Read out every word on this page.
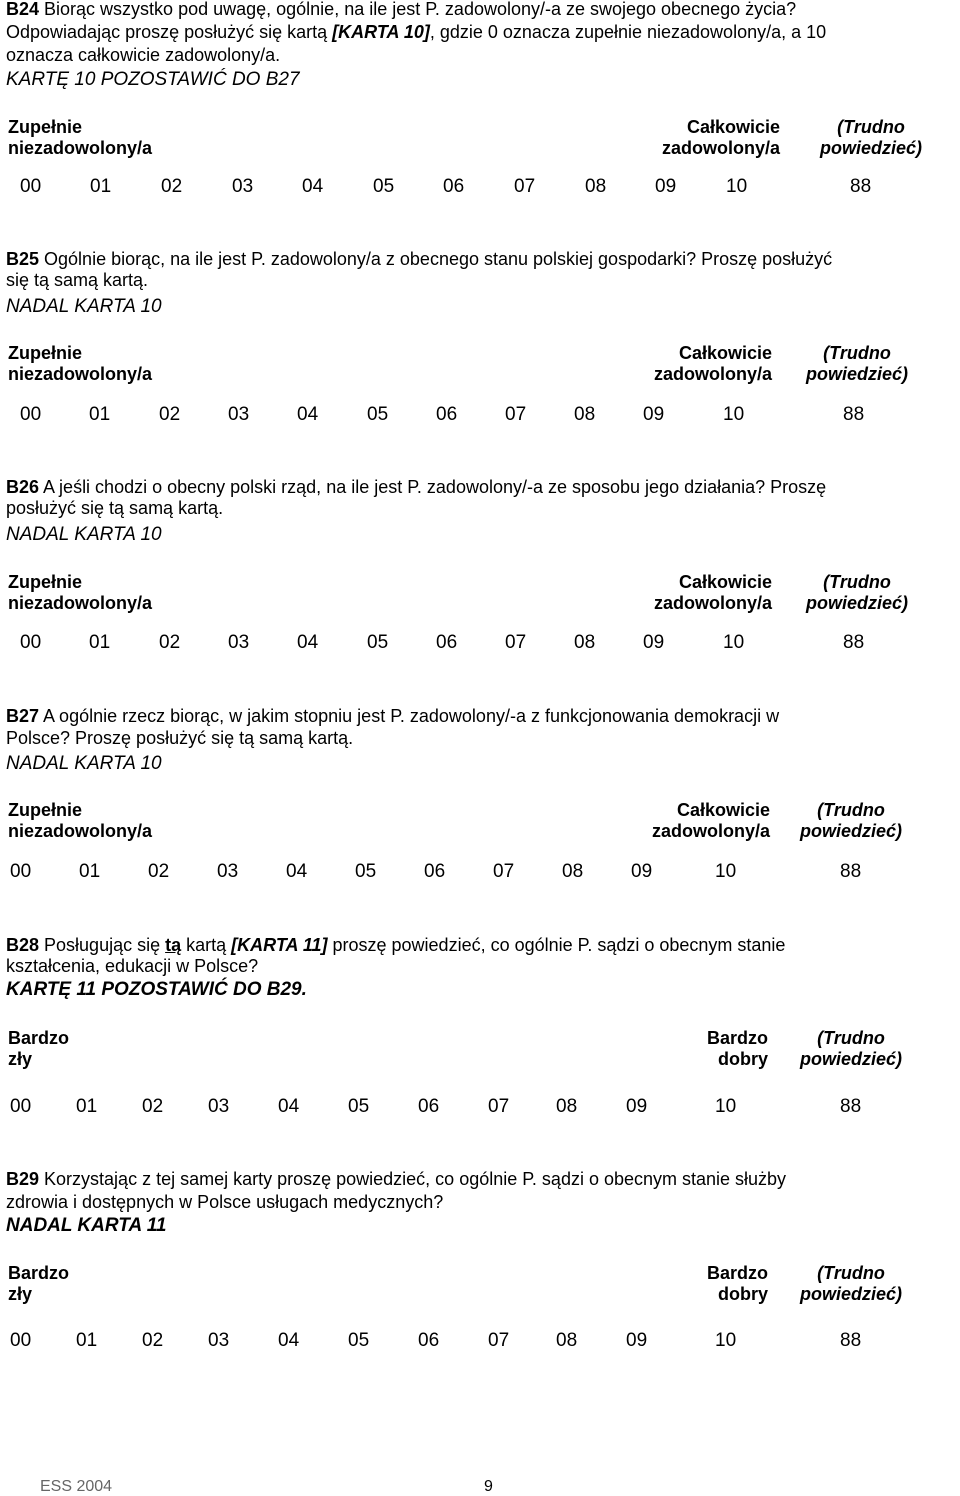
B24 Biorąc wszystko pod uwagę, ogólnie, na ile jest P. zadowolony/-a ze swojego obecnego życia?
Odpowiadając proszę posłużyć się kartą [KARTA 10], gdzie 0 oznacza zupełnie niezadowolony/a, a 10
oznacza całkowicie zadowolony/a.
KARTĘ 10 POZOSTAWIĆ DO B27
Zupełnie
niezadowolony/a
Całkowicie
zadowolony/a
(Trudno
powiedzieć)
00	01	02	03	04	05	06	07	08	09	10	88
B25 Ogólnie biorąc, na ile jest P. zadowolony/a z obecnego stanu polskiej gospodarki? Proszę posłużyć
się tą samą kartą.
NADAL KARTA 10
Zupełnie
niezadowolony/a
Całkowicie
zadowolony/a
(Trudno
powiedzieć)
00	01	02	03	04	05	06	07	08	09	10	88
B26 A jeśli chodzi o obecny polski rząd, na ile jest P. zadowolony/-a ze sposobu jego działania? Proszę
posłużyć się tą samą kartą.
NADAL KARTA 10
Zupełnie
niezadowolony/a
Całkowicie
zadowolony/a
(Trudno
powiedzieć)
00	01	02	03	04	05	06	07	08	09	10	88
B27 A ogólnie rzecz biorąc, w jakim stopniu jest P. zadowolony/-a z funkcjonowania demokracji w
Polsce? Proszę posłużyć się tą samą kartą.
NADAL KARTA 10
Zupełnie
niezadowolony/a
Całkowicie
zadowolony/a
(Trudno
powiedzieć)
00	01	02	03	04	05	06	07	08	09	10	88
B28 Posługując się tą kartą [KARTA 11] proszę powiedzieć, co ogólnie P. sądzi o obecnym stanie
kształcenia, edukacji w Polsce?
KARTĘ 11 POZOSTAWIĆ DO B29.
Bardzo
zły
Bardzo
dobry
(Trudno
powiedzieć)
00 01 02 03	04	05	06	07 08	09	10	88
B29 Korzystając z tej samej karty proszę powiedzieć, co ogólnie P. sądzi o obecnym stanie służby
zdrowia i dostępnych w Polsce usługach medycznych?
NADAL KARTA 11
Bardzo
zły
Bardzo
dobry
(Trudno
powiedzieć)
00 01 02 03	04	05	06	07 08	09	10	88
ESS 2004	9
